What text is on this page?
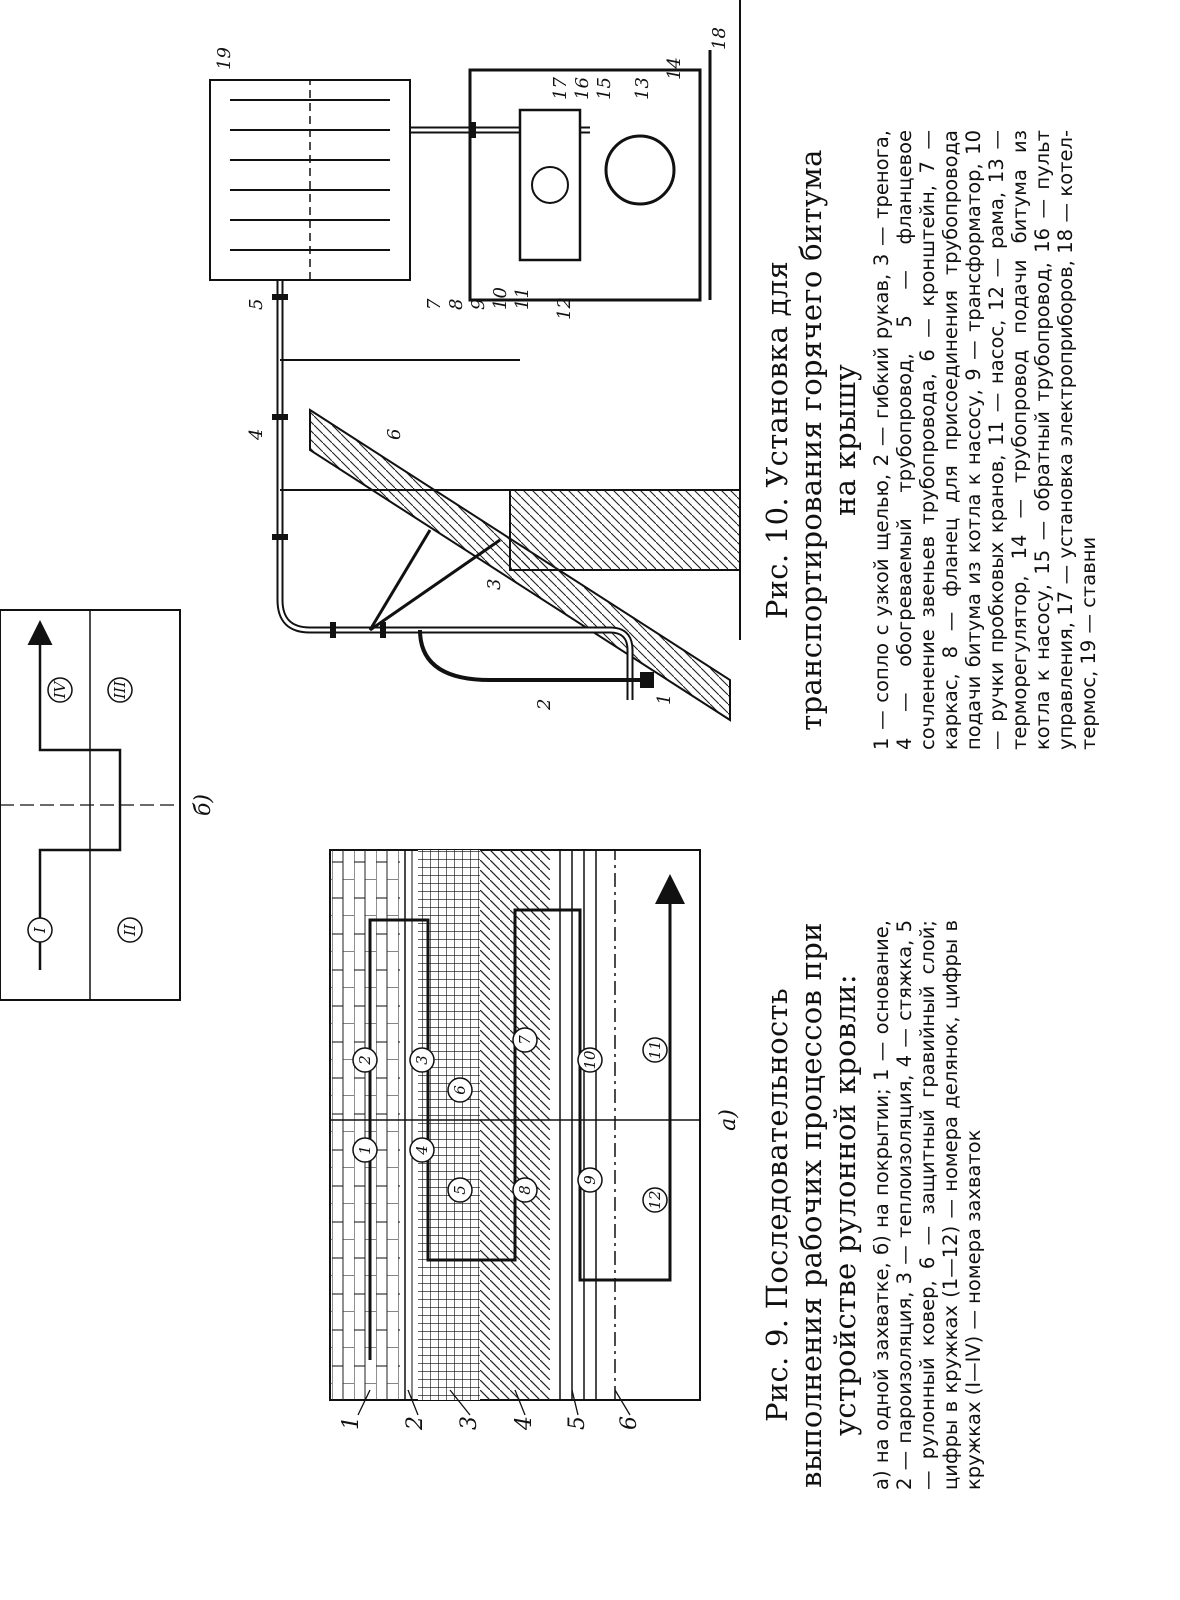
1
2	3
4
5
6
7
8
9
10
11
12
1 2 3 4 5 6
а)
II
I
III
IV
б)

Рис. 9. Последовательность выполнения рабочих процессов при устройстве рулонной кровли: а) на одной захватке, б) на покрытии; 1 — основание, 2 — пароизоляция, 3 — теплоизоляция, 4 — стяжка, 5 — рулонный ковер, 6 — защитный гравийный слой; цифры в кружках (1—12) — номера делянок, цифры в кружках (I—IV) — номера захваток

1
2
3
4
5
6
7 8 9 10 11 12
13
14
15
16
17
18
19

Рис. 10. Установка для транспортирования горячего битума на крышу 1 — сопло с узкой щелью, 2 — гибкий рукав, 3 — тренога, 4 — обогреваемый трубопровод, 5 — фланцевое сочленение звеньев трубопровода, 6 — кронштейн, 7 — каркас, 8 — фланец для присоединения трубопровода подачи битума из котла к насосу, 9 — трансформатор, 10 — ручки пробковых кранов, 11 — насос, 12 — рама, 13 — терморегулятор, 14 — трубопровод подачи битума из котла к насосу, 15 — обратный трубопровод, 16 — пульт управления, 17 — установка электроприборов, 18 — котел-термос, 19 — ставни
